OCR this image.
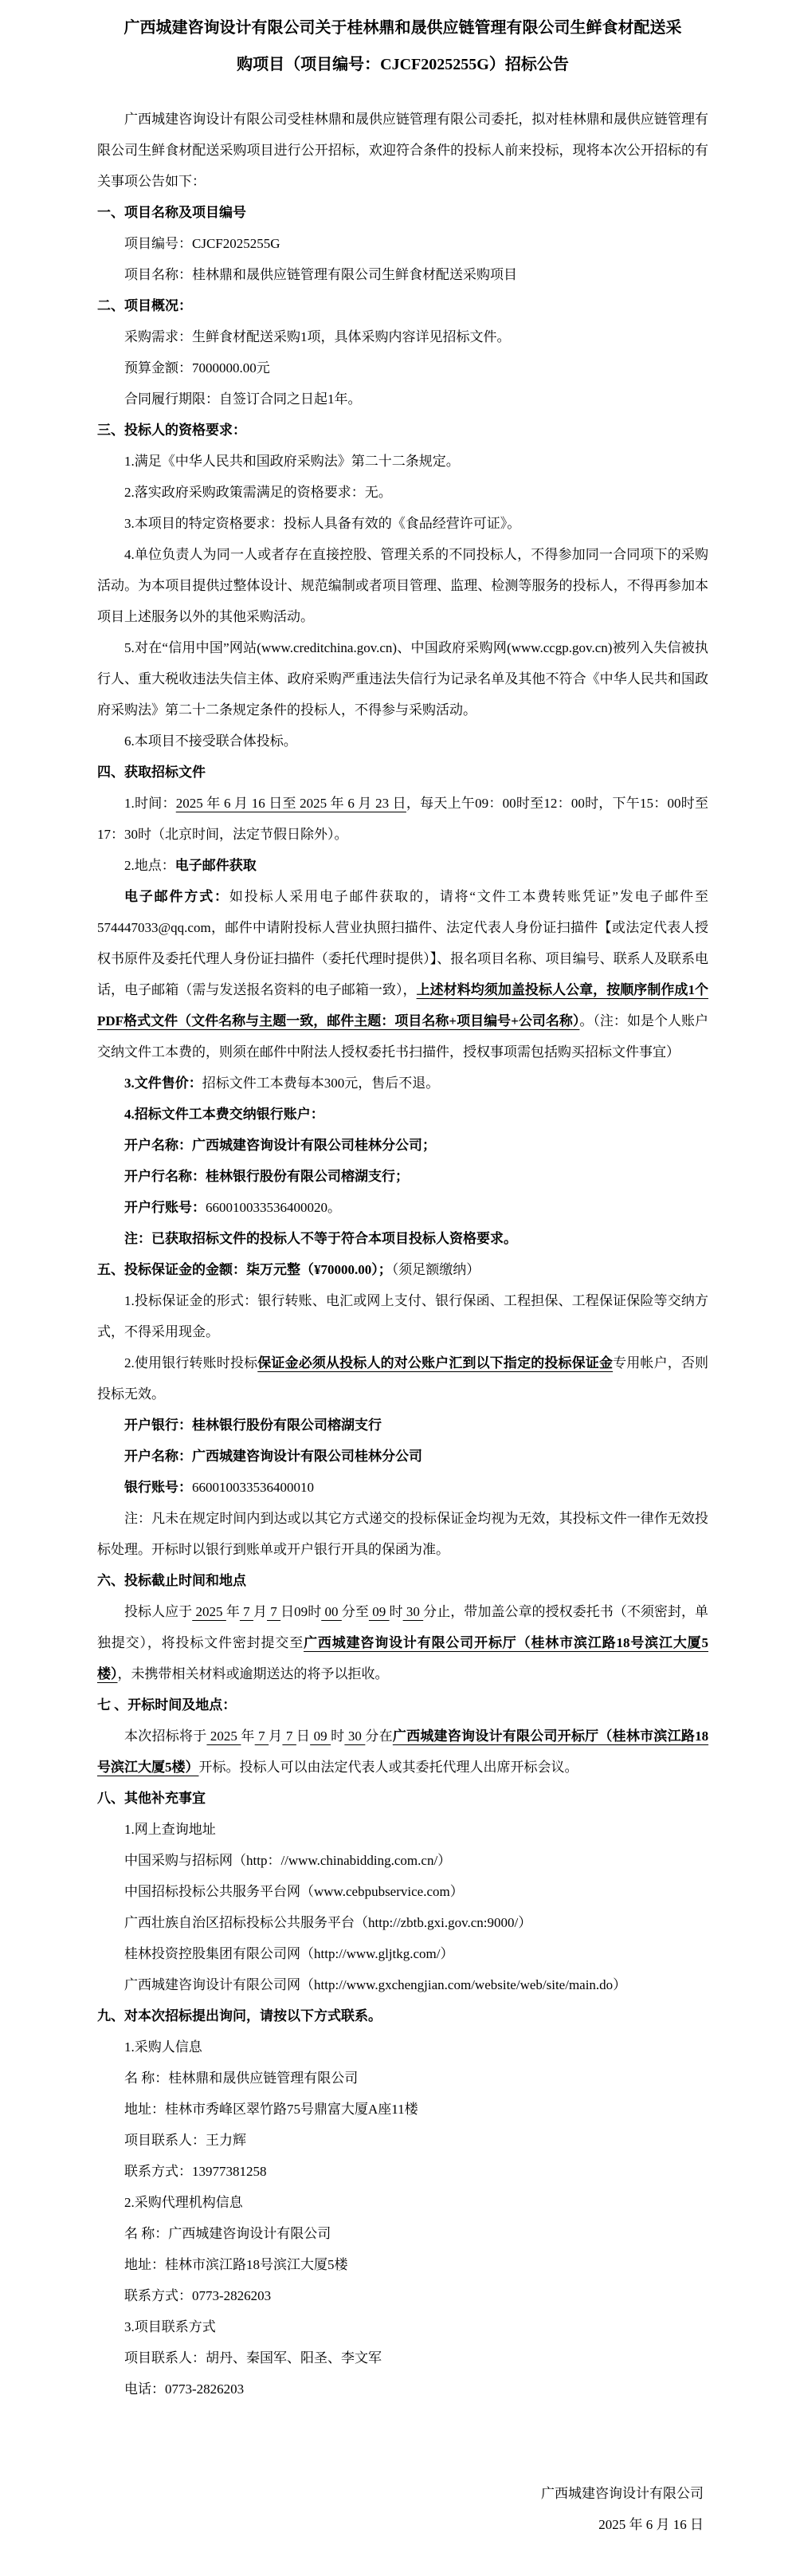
广西城建咨询设计有限公司关于桂林鼎和晟供应链管理有限公司生鲜食材配送采
购项目（项目编号：CJCF2025255G）招标公告
广西城建咨询设计有限公司受桂林鼎和晟供应链管理有限公司委托，拟对桂林鼎和晟供应链管理有限公司生鲜食材配送采购项目进行公开招标，欢迎符合条件的投标人前来投标，现将本次公开招标的有关事项公告如下：
一、项目名称及项目编号
项目编号：CJCF2025255G
项目名称：桂林鼎和晟供应链管理有限公司生鲜食材配送采购项目
二、项目概况：
采购需求：生鲜食材配送采购1项，具体采购内容详见招标文件。
预算金额：7000000.00元
合同履行期限：自签订合同之日起1年。
三、投标人的资格要求：
1.满足《中华人民共和国政府采购法》第二十二条规定。
2.落实政府采购政策需满足的资格要求：无。
3.本项目的特定资格要求：投标人具备有效的《食品经营许可证》。
4.单位负责人为同一人或者存在直接控股、管理关系的不同投标人，不得参加同一合同项下的采购活动。为本项目提供过整体设计、规范编制或者项目管理、监理、检测等服务的投标人，不得再参加本项目上述服务以外的其他采购活动。
5.对在“信用中国”网站(www.creditchina.gov.cn)、中国政府采购网(www.ccgp.gov.cn)被列入失信被执行人、重大税收违法失信主体、政府采购严重违法失信行为记录名单及其他不符合《中华人民共和国政府采购法》第二十二条规定条件的投标人，不得参与采购活动。
6.本项目不接受联合体投标。
四、获取招标文件
1.时间：2025 年 6 月 16 日至 2025 年 6 月 23 日，每天上午09：00时至12：00时，下午15：00时至17：30时（北京时间，法定节假日除外）。
2.地点：电子邮件获取
电子邮件方式：如投标人采用电子邮件获取的，请将“文件工本费转账凭证”发电子邮件至574447033@qq.com，邮件中请附投标人营业执照扫描件、法定代表人身份证扫描件【或法定代表人授权书原件及委托代理人身份证扫描件（委托代理时提供）】、报名项目名称、项目编号、联系人及联系电话，电子邮箱（需与发送报名资料的电子邮箱一致），上述材料均须加盖投标人公章，按顺序制作成1个PDF格式文件（文件名称与主题一致，邮件主题：项目名称+项目编号+公司名称）。（注：如是个人账户交纳文件工本费的，则须在邮件中附法人授权委托书扫描件，授权事项需包括购买招标文件事宜）
3.文件售价：招标文件工本费每本300元，售后不退。
4.招标文件工本费交纳银行账户：
开户名称：广西城建咨询设计有限公司桂林分公司；
开户行名称：桂林银行股份有限公司榕湖支行；
开户行账号：660010033536400020。
注：已获取招标文件的投标人不等于符合本项目投标人资格要求。
五、投标保证金的金额：柒万元整（¥70000.00）；（须足额缴纳）
1.投标保证金的形式：银行转账、电汇或网上支付、银行保函、工程担保、工程保证保险等交纳方式，不得采用现金。
2.使用银行转账时投标保证金必须从投标人的对公账户汇到以下指定的投标保证金专用帐户，否则投标无效。
开户银行：桂林银行股份有限公司榕湖支行
开户名称：广西城建咨询设计有限公司桂林分公司
银行账号：660010033536400010
注：凡未在规定时间内到达或以其它方式递交的投标保证金均视为无效，其投标文件一律作无效投标处理。开标时以银行到账单或开户银行开具的保函为准。
六、投标截止时间和地点
投标人应于 2025 年 7 月 7 日09时 00 分至 09 时 30 分止，带加盖公章的授权委托书（不须密封，单独提交），将投标文件密封提交至广西城建咨询设计有限公司开标厅（桂林市滨江路18号滨江大厦5楼），未携带相关材料或逾期送达的将予以拒收。
七 、开标时间及地点：
本次招标将于 2025 年 7 月 7 日 09 时 30 分在广西城建咨询设计有限公司开标厅（桂林市滨江路18号滨江大厦5楼）开标。投标人可以由法定代表人或其委托代理人出席开标会议。
八、其他补充事宜
1.网上查询地址
中国采购与招标网（http：//www.chinabidding.com.cn/）
中国招标投标公共服务平台网（www.cebpubservice.com）
广西壮族自治区招标投标公共服务平台（http://zbtb.gxi.gov.cn:9000/）
桂林投资控股集团有限公司网（http://www.gljtkg.com/）
广西城建咨询设计有限公司网（http://www.gxchengjian.com/website/web/site/main.do）
九、对本次招标提出询问，请按以下方式联系。
1.采购人信息
名 称：桂林鼎和晟供应链管理有限公司
地址：桂林市秀峰区翠竹路75号鼎富大厦A座11楼
项目联系人：王力辉
联系方式：13977381258
2.采购代理机构信息
名 称：广西城建咨询设计有限公司
地址：桂林市滨江路18号滨江大厦5楼
联系方式：0773-2826203
3.项目联系方式
项目联系人：胡丹、秦国军、阳圣、李文军
电话：0773-2826203
广西城建咨询设计有限公司
2025 年 6 月 16 日
